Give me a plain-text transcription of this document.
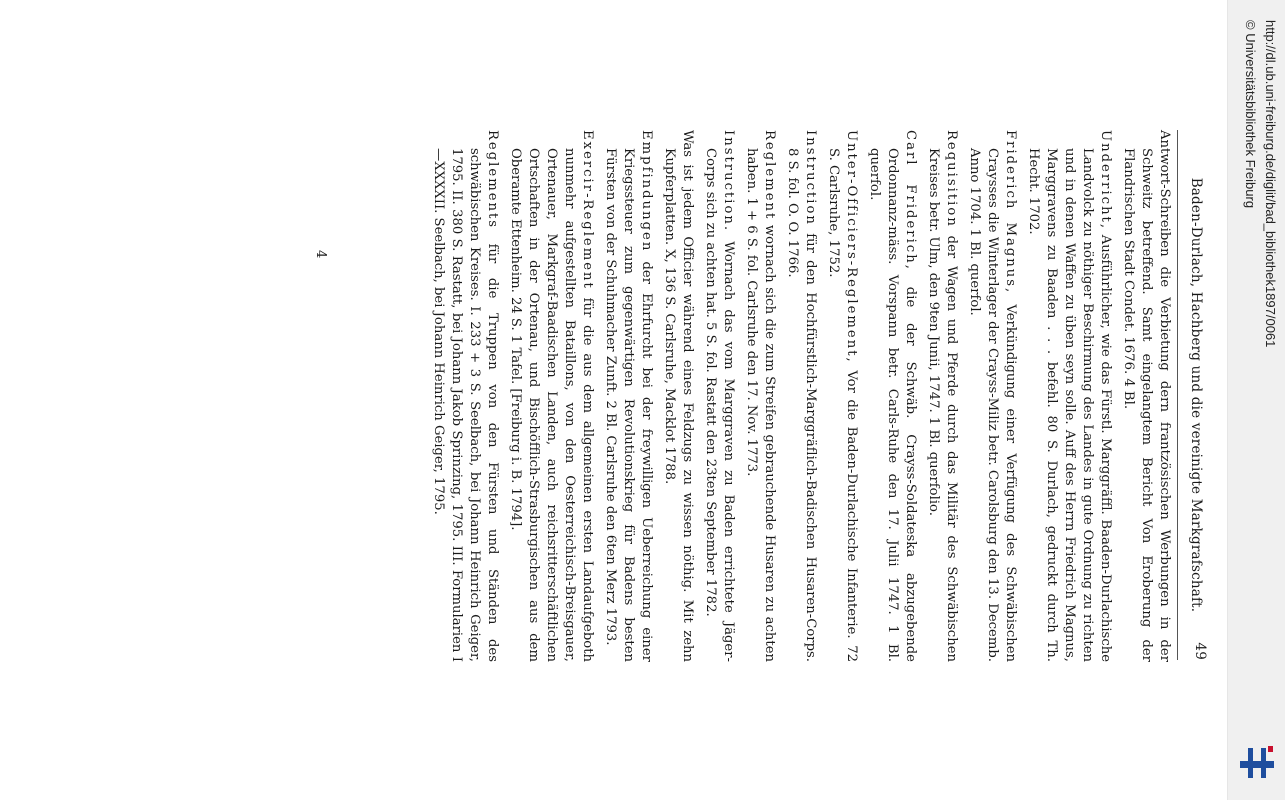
Baden-Durlach, Hachberg und die vereinigte Markgrafschaft.
49

Antwort-Schreiben die Verbietung dern frantzösischen Werbungen in der Schweitz betreffend. Samt eingelangtem Bericht Von Eroberung der Flandrischen Stadt Condet. 1676. 4 Bl.

Underricht, Ausführlicher, wie das Fürstl. Marggräffl. Baaden-Durlachische Landvolck zu nöthiger Beschirmung des Landes in gute Ordnung zu richten und in denen Waffen zu üben seyn solle. Auff des Herrn Friedrich Magnus, Marggravens zu Baaden . . . befehl. 80 S. Durlach, gedruckt durch Th. Hecht. 1702.

Friderich Magnus, Verkündigung einer Verfügung des Schwäbischen Craysses die Winterlager der Crayss-Miliz betr. Carolsburg den 13. Decemb. Anno 1704. 1 Bl. querfol.

Requisition der Wagen und Pferde durch das Militär des Schwäbischen Kreises betr. Ulm, den 9ten Junii, 1747. 1 Bl. querfolio.

Carl Friderich, die der Schwäb. Crayss-Soldateska abzugebende Ordonnanz-mäss. Vorspann betr. Carls-Ruhe den 17. Julii 1747. 1 Bl. querfol.

Unter-Officiers-Reglement, Vor die Baden-Durlachische Infanterie. 72 S. Carlsruhe, 1752.

Instruction für den Hochfürstlich-Marggräflich-Badischen Husaren-Corps. 8 S. fol. O. O. 1766.

Reglement wornach sich die zum Streifen gebrauchende Husaren zu achten haben. 1 + 6 S. fol. Carlsruhe den 17. Nov. 1773.

Instruction. Wornach das vom Marggraven zu Baden errichtete Jäger-Corps sich zu achten hat. 5 S. fol. Rastatt den 23ten September 1782.

Was ist jedem Officier während eines Feldzugs zu wissen nöthig. Mit zehn Kupferplatten. X, 136 S. Carlsruhe, Macklot 1788.

Empfindungen der Ehrfurcht bei der freywilligen Ueberreichung einer Kriegssteuer zum gegenwärtigen Revolutionskrieg für Badens besten Fürsten von der Schuhmacher Zunft. 2 Bl. Carlsruhe den 6ten Merz 1793.

Exercir-Reglement für die aus dem allgemeinen ersten Landaufgeboth nunmehr aufgestellten Bataillons, von den Oesterreichisch-Breisgauer, Ortenauer, Markgraf-Baadischen Landen, auch reichsritterschäftlichen Ortschaften in der Ortenau, und Bischöfflich-Strasburgischen aus dem Oberamte Ettenheim. 24 S. 1 Tafel. [Freiburg i. B. 1794].

Reglements für die Truppen von den Fürsten und Ständen des schwäbischen Kreises. I. 233 + 3 S. Seelbach, bei Johann Heinrich Geiger, 1795. II. 380 S. Rastatt, bei Johann Jakob Sprinzing, 1795. III. Formularien I—XXXXII. Seelbach, bei Johann Heinrich Geiger, 1795.

4	http://dl.ub.uni-freiburg.de/diglit/bad_bibliothek1897/0061
© Universitätsbibliothek Freiburg
